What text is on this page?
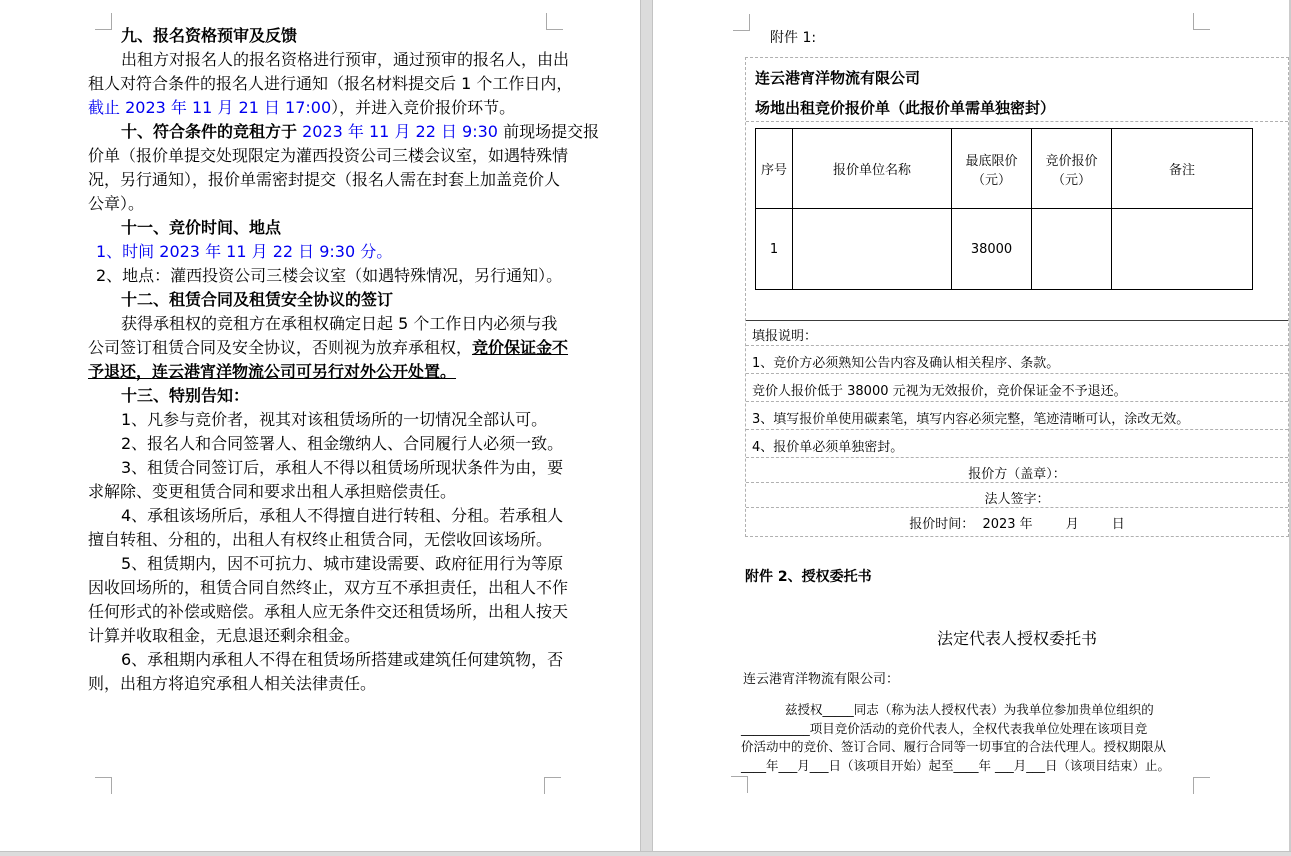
九、报名资格预审及反馈
出租方对报名人的报名资格进行预审，通过预审的报名人，由出
租人对符合条件的报名人进行通知（报名材料提交后 1 个工作日内，
截止 2023 年 11 月 21 日 17:00），并进入竞价报价环节。
十、符合条件的竞租方于 2023 年 11 月 22 日 9:30 前现场提交报
价单（报价单提交处现限定为灌西投资公司三楼会议室，如遇特殊情
况，另行通知），报价单需密封提交（报名人需在封套上加盖竞价人
公章）。
十一、竞价时间、地点
1、时间 2023 年 11 月 22 日 9:30 分。
2、地点：灌西投资公司三楼会议室（如遇特殊情况，另行通知）。
十二、租赁合同及租赁安全协议的签订
获得承租权的竞租方在承租权确定日起 5 个工作日内必须与我
公司签订租赁合同及安全协议，否则视为放弃承租权，竞价保证金不
予退还，连云港宵洋物流公司可另行对外公开处置。
十三、特别告知：
1、凡参与竞价者，视其对该租赁场所的一切情况全部认可。
2、报名人和合同签署人、租金缴纳人、合同履行人必须一致。
3、租赁合同签订后，承租人不得以租赁场所现状条件为由，要
求解除、变更租赁合同和要求出租人承担赔偿责任。
4、承租该场所后，承租人不得擅自进行转租、分租。若承租人
擅自转租、分租的，出租人有权终止租赁合同，无偿收回该场所。
5、租赁期内，因不可抗力、城市建设需要、政府征用行为等原
因收回场所的，租赁合同自然终止，双方互不承担责任，出租人不作
任何形式的补偿或赔偿。承租人应无条件交还租赁场所，出租人按天
计算并收取租金，无息退还剩余租金。
6、承租期内承租人不得在租赁场所搭建或建筑任何建筑物，否
则，出租方将追究承租人相关法律责任。
附件 1:
连云港宵洋物流有限公司
场地出租竞价报价单（此报价单需单独密封）
序号	报价单位名称	最底限价（元）	竞价报价（元）	备注
1		38000		
填报说明：
1、竞价方必须熟知公告内容及确认相关程序、条款。
竞价人报价低于 38000 元视为无效报价，竞价保证金不予退还。
3、填写报价单使用碳素笔，填写内容必须完整，笔迹清晰可认，涂改无效。
4、报价单必须单独密封。
报价方（盖章）：
法人签字：
报价时间：  2023 年        月        日
附件 2、授权委托书
法定代表人授权委托书
连云港宵洋物流有限公司：
兹授权_____同志（称为法人授权代表）为我单位参加贵单位组织的
___________项目竞价活动的竞价代表人，全权代表我单位处理在该项目竞
价活动中的竞价、签订合同、履行合同等一切事宜的合法代理人。授权期限从
____年___月___日（该项目开始）起至____年 ___月___日（该项目结束）止。
